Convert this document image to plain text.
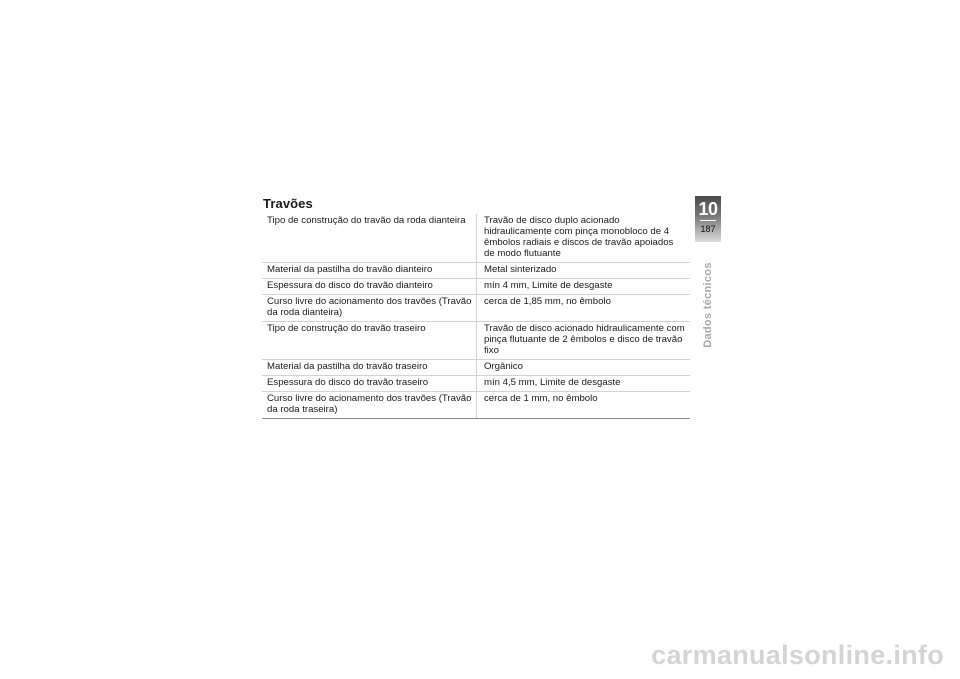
Travões
Tipo de construção do travão da roda dianteira	Travão de disco duplo acionado hidraulicamente com pinça monobloco de 4 êmbolos radiais e discos de travão apoiados de modo flutuante
Material da pastilha do travão dianteiro	Metal sinterizado
Espessura do disco do travão dianteiro	mín 4 mm, Limite de desgaste
Curso livre do acionamento dos travões (Travão da roda dianteira)	cerca de 1,85 mm, no êmbolo
Tipo de construção do travão traseiro	Travão de disco acionado hidraulicamente com pinça flutuante de 2 êmbolos e disco de travão fixo
Material da pastilha do travão traseiro	Orgânico
Espessura do disco do travão traseiro	mín 4,5 mm, Limite de desgaste
Curso livre do acionamento dos travões (Travão da roda traseira)	cerca de 1 mm, no êmbolo
10
187
Dados técnicos
carmanualsonline.info
